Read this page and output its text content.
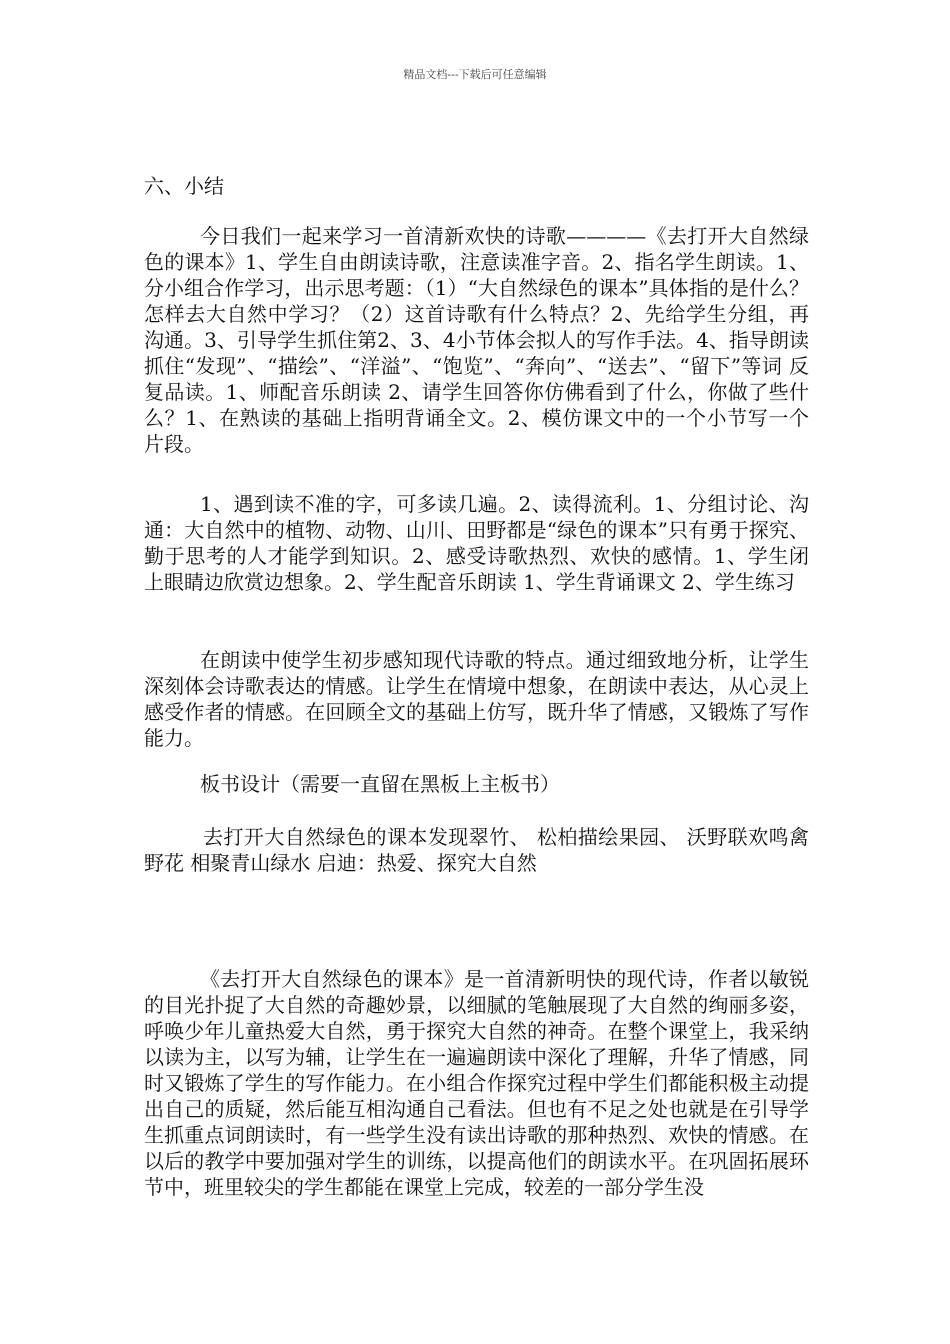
精品文档---下载后可任意编辑
六、小结
今日我们一起来学习一首清新欢快的诗歌————《去打开大自然绿色的课本》1、学生自由朗读诗歌，注意读准字音。2、指名学生朗读。1、分小组合作学习，出示思考题：（1）“大自然绿色的课本”具体指的是什么？怎样去大自然中学习？（2）这首诗歌有什么特点？2、先给学生分组，再沟通。3、引导学生抓住第2、3、4小节体会拟人的写作手法。4、指导朗读抓住“发现”、“描绘”、“洋溢”、“饱览”、“奔向”、“送去”、“留下”等词 反复品读。1、师配音乐朗读 2、请学生回答你仿佛看到了什么，你做了些什么？1、在熟读的基础上指明背诵全文。2、模仿课文中的一个小节写一个片段。
1、遇到读不准的字，可多读几遍。2、读得流利。1、分组讨论、沟通：大自然中的植物、动物、山川、田野都是“绿色的课本”只有勇于探究、勤于思考的人才能学到知识。2、感受诗歌热烈、欢快的感情。1、学生闭上眼睛边欣赏边想象。2、学生配音乐朗读 1、学生背诵课文 2、学生练习
在朗读中使学生初步感知现代诗歌的特点。通过细致地分析，让学生深刻体会诗歌表达的情感。让学生在情境中想象，在朗读中表达，从心灵上感受作者的情感。在回顾全文的基础上仿写，既升华了情感，又锻炼了写作能力。
板书设计（需要一直留在黑板上主板书）
去打开大自然绿色的课本发现翠竹、 松柏描绘果园、 沃野联欢鸣禽野花 相聚青山绿水 启迪：热爱、探究大自然
《去打开大自然绿色的课本》是一首清新明快的现代诗，作者以敏锐的目光扑捉了大自然的奇趣妙景，以细腻的笔触展现了大自然的绚丽多姿，呼唤少年儿童热爱大自然，勇于探究大自然的神奇。在整个课堂上，我采纳以读为主，以写为辅，让学生在一遍遍朗读中深化了理解，升华了情感，同时又锻炼了学生的写作能力。在小组合作探究过程中学生们都能积极主动提出自己的质疑，然后能互相沟通自己看法。但也有不足之处也就是在引导学生抓重点词朗读时，有一些学生没有读出诗歌的那种热烈、欢快的情感。在以后的教学中要加强对学生的训练，以提高他们的朗读水平。在巩固拓展环节中，班里较尖的学生都能在课堂上完成，较差的一部分学生没
